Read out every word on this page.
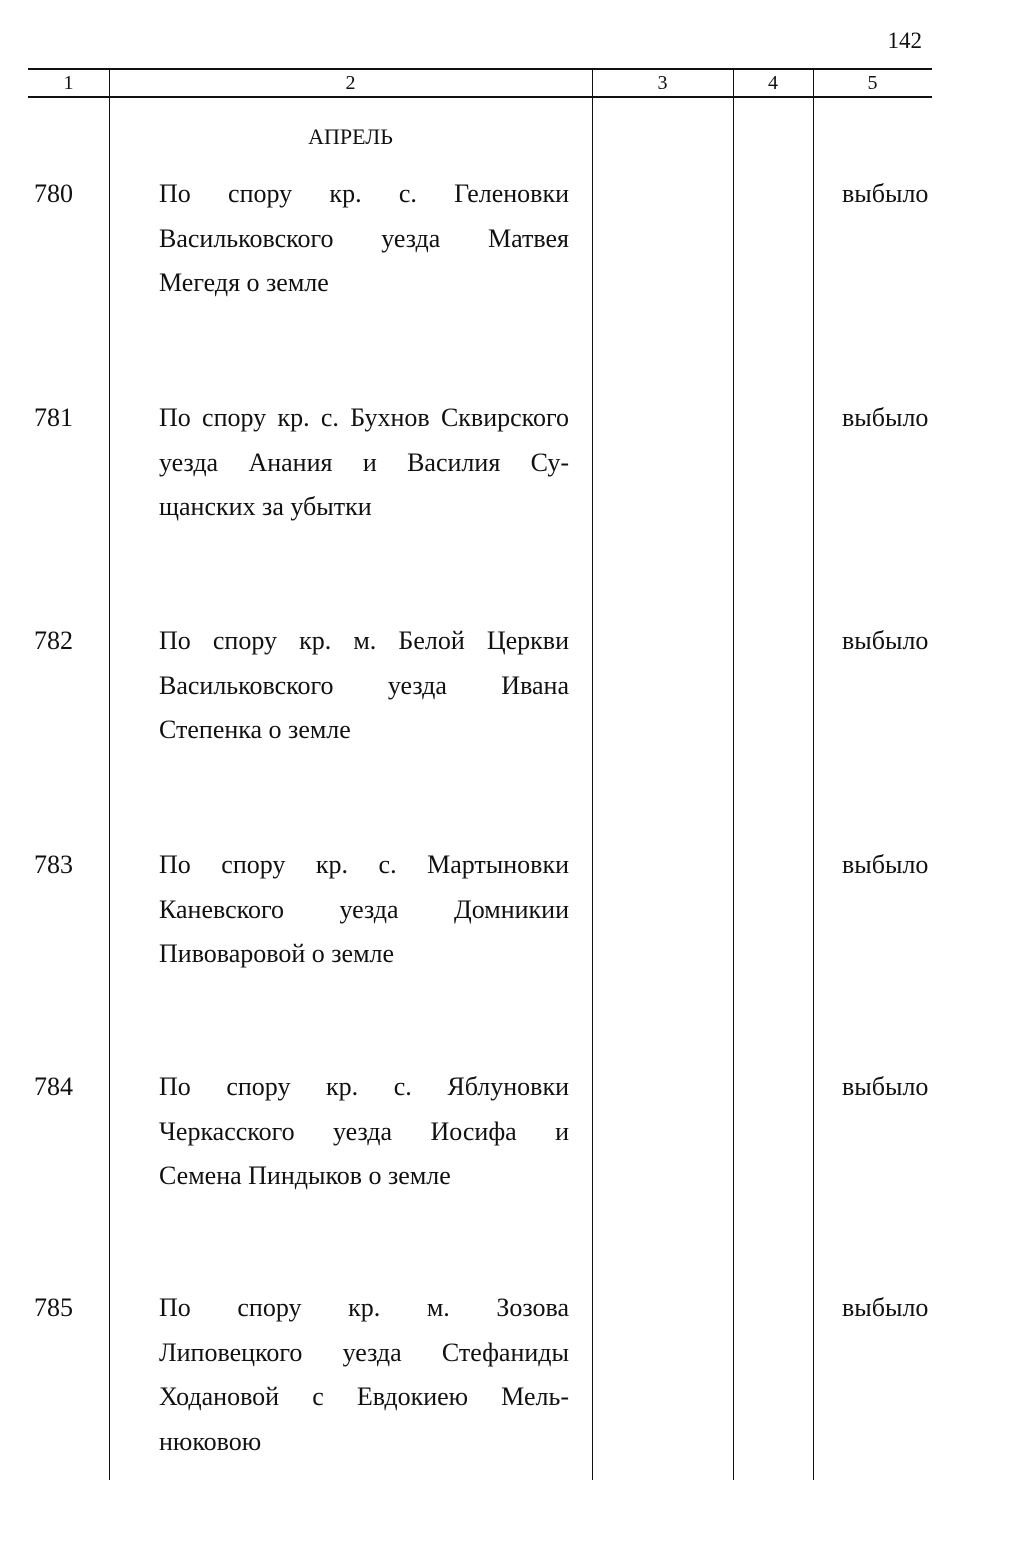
142
1	2	3	4	5
АПРЕЛЬ
780	По спору кр. с. Геленовки
Васильковского уезда Матвея
Мегедя о земле
выбыло
781	По спору кр. с. Бухнов Сквирского
уезда Анания и Василия Су-
щанских за убытки
выбыло
782	По спору кр. м. Белой Церкви
Васильковского уезда Ивана
Степенка о земле
выбыло
783	По спору кр. с. Мартыновки
Каневского уезда Домникии
Пивоваровой о земле
выбыло
784	По спору кр. с. Яблуновки
Черкасского уезда Иосифа и
Семена Пиндыков о земле
выбыло
785	По спору кр. м. Зозова
Липовецкого уезда Стефаниды
Ходановой с Евдокиею Мель-
нюковою
выбыло
